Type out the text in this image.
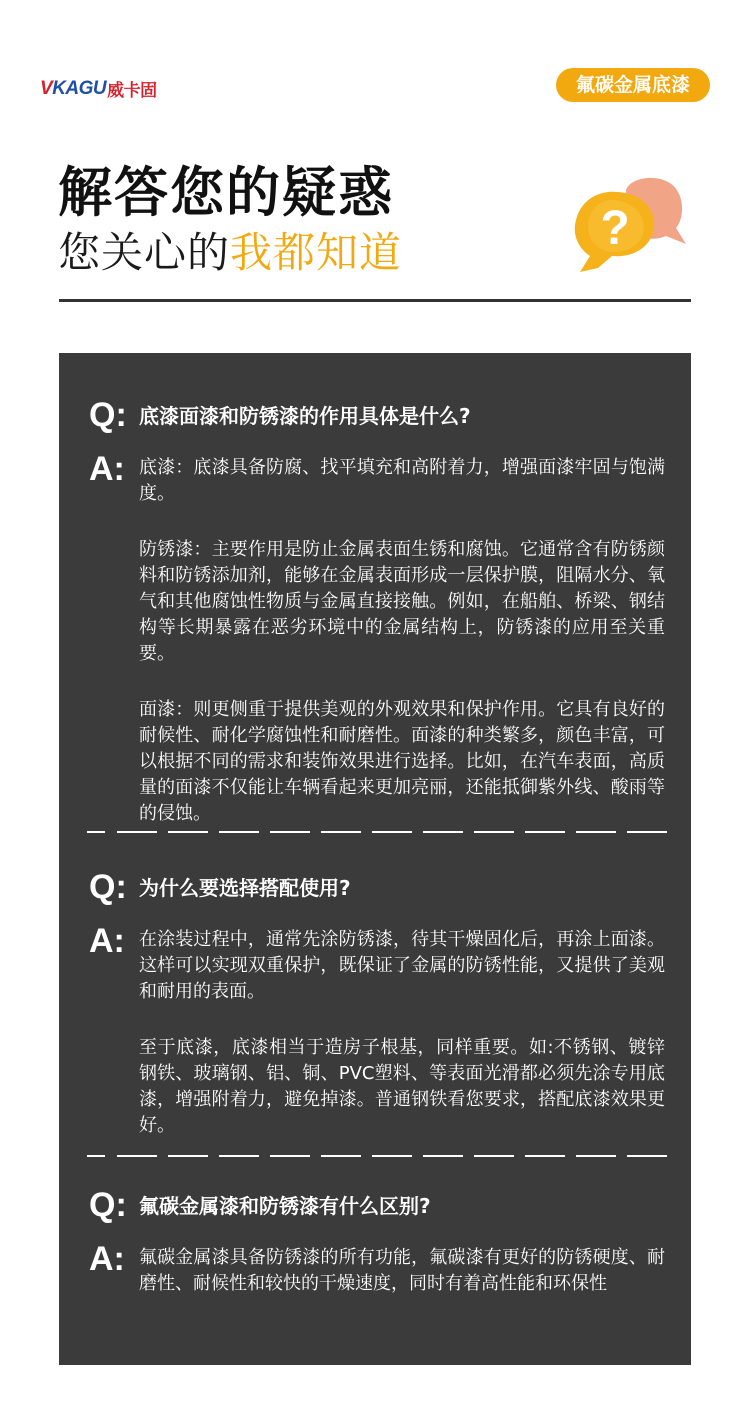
V KAGU 威卡固	氟碳金属底漆
解答您的疑惑
您关心的我都知道	?
Q: 底漆面漆和防锈漆的作用具体是什么?
A: 底漆：底漆具备防腐、找平填充和高附着力，增强面漆牢固与饱满度。

防锈漆：主要作用是防止金属表面生锈和腐蚀。它通常含有防锈颜料和防锈添加剂，能够在金属表面形成一层保护膜，阻隔水分、氧气和其他腐蚀性物质与金属直接接触。例如，在船舶、桥梁、钢结构等长期暴露在恶劣环境中的金属结构上，防锈漆的应用至关重要。

面漆：则更侧重于提供美观的外观效果和保护作用。它具有良好的耐候性、耐化学腐蚀性和耐磨性。面漆的种类繁多，颜色丰富，可以根据不同的需求和装饰效果进行选择。比如，在汽车表面，高质量的面漆不仅能让车辆看起来更加亮丽，还能抵御紫外线、酸雨等的侵蚀。

Q: 为什么要选择搭配使用?
A: 在涂装过程中，通常先涂防锈漆，待其干燥固化后，再涂上面漆。这样可以实现双重保护，既保证了金属的防锈性能，又提供了美观和耐用的表面。

至于底漆，底漆相当于造房子根基，同样重要。如:不锈钢、镀锌钢铁、玻璃钢、铝、铜、PVC塑料、等表面光滑都必须先涂专用底漆，增强附着力，避免掉漆。普通钢铁看您要求，搭配底漆效果更好。

Q: 氟碳金属漆和防锈漆有什么区别?
A: 氟碳金属漆具备防锈漆的所有功能，氟碳漆有更好的防锈硬度、耐磨性、耐候性和较快的干燥速度，同时有着高性能和环保性
